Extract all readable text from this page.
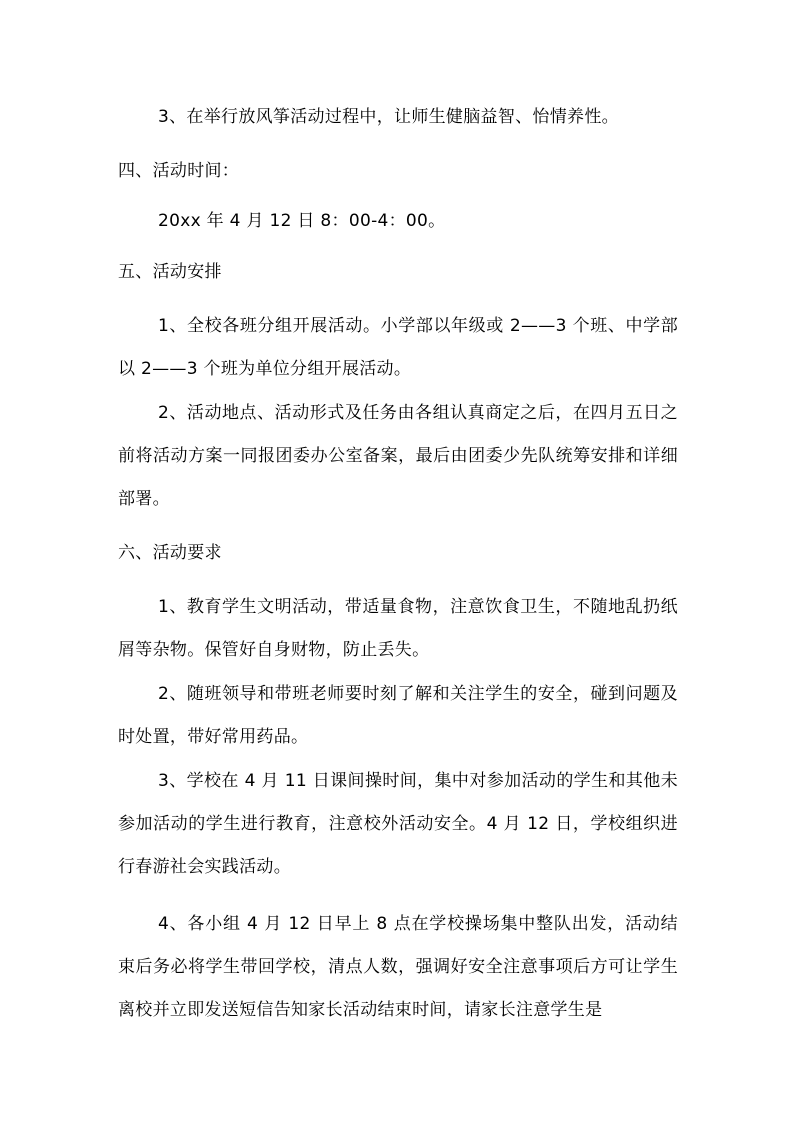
3、在举行放风筝活动过程中，让师生健脑益智、怡情养性。

四、活动时间：

20xx 年 4 月 12 日 8：00-4：00。

五、活动安排

1、全校各班分组开展活动。小学部以年级或 2——3 个班、中学部以 2——3 个班为单位分组开展活动。

2、活动地点、活动形式及任务由各组认真商定之后，在四月五日之前将活动方案一同报团委办公室备案，最后由团委少先队统筹安排和详细部署。

六、活动要求

1、教育学生文明活动，带适量食物，注意饮食卫生，不随地乱扔纸屑等杂物。保管好自身财物，防止丢失。

2、随班领导和带班老师要时刻了解和关注学生的安全，碰到问题及时处置，带好常用药品。

3、学校在 4 月 11 日课间操时间，集中对参加活动的学生和其他未参加活动的学生进行教育，注意校外活动安全。4 月 12 日，学校组织进行春游社会实践活动。

4、各小组 4 月 12 日早上 8 点在学校操场集中整队出发，活动结束后务必将学生带回学校，清点人数，强调好安全注意事项后方可让学生离校并立即发送短信告知家长活动结束时间，请家长注意学生是
